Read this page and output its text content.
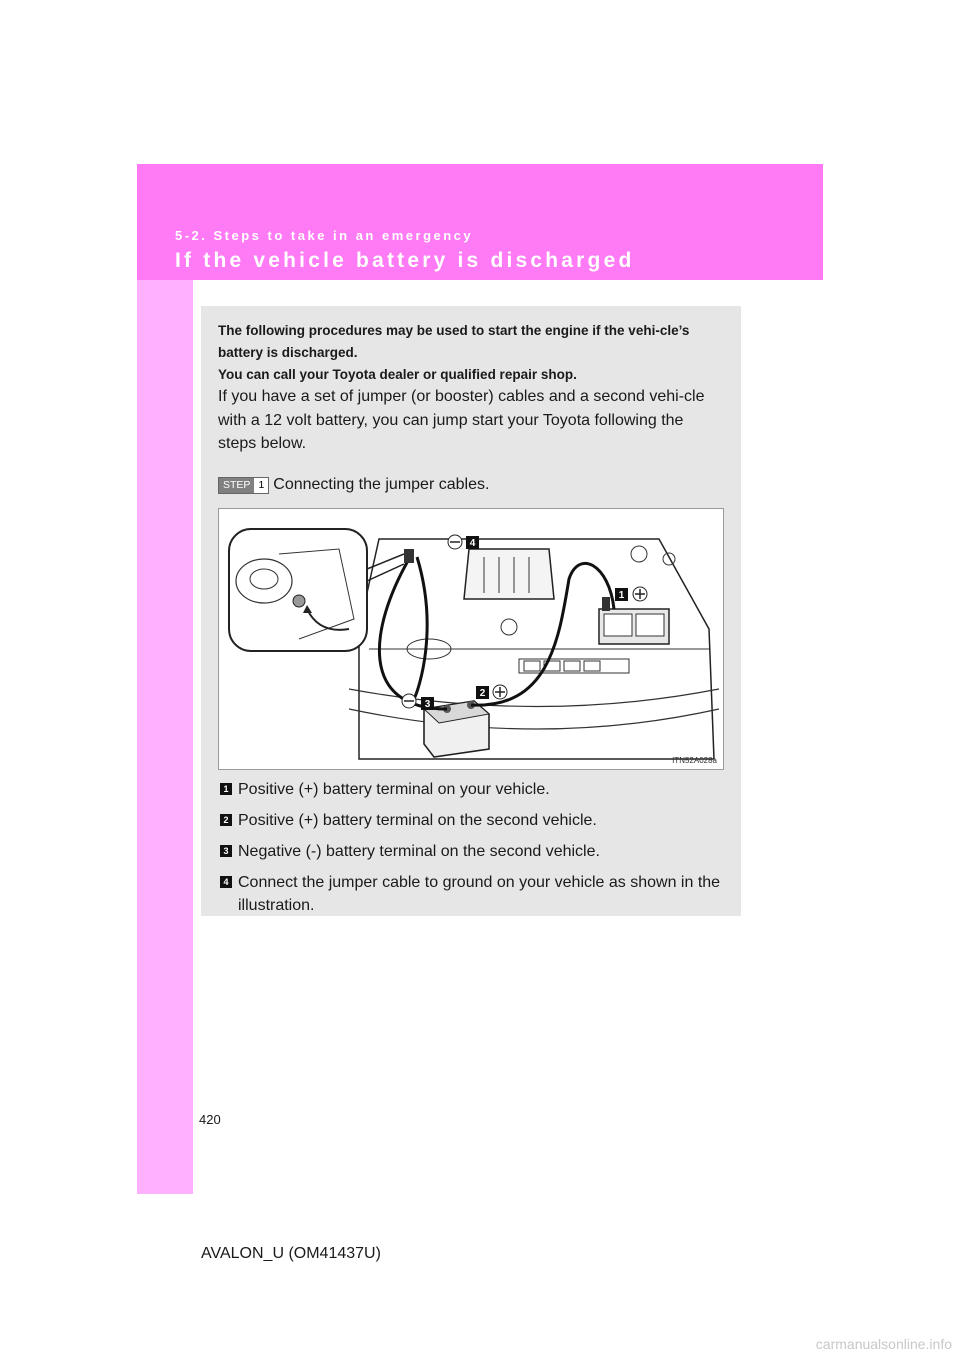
5-2. Steps to take in an emergency
If the vehicle battery is discharged
The following procedures may be used to start the engine if the vehi-cle’s battery is discharged.
You can call your Toyota dealer or qualified repair shop.
If you have a set of jumper (or booster) cables and a second vehi-cle with a 12 volt battery, you can jump start your Toyota following the steps below.
STEP 1 Connecting the jumper cables.
4
1
2
3
ITN52A028a
1 Positive (+) battery terminal on your vehicle.
2 Positive (+) battery terminal on the second vehicle.
3 Negative (-) battery terminal on the second vehicle.
4 Connect the jumper cable to ground on your vehicle as shown in the illustration.
420
AVALON_U (OM41437U)
carmanualsonline.info
